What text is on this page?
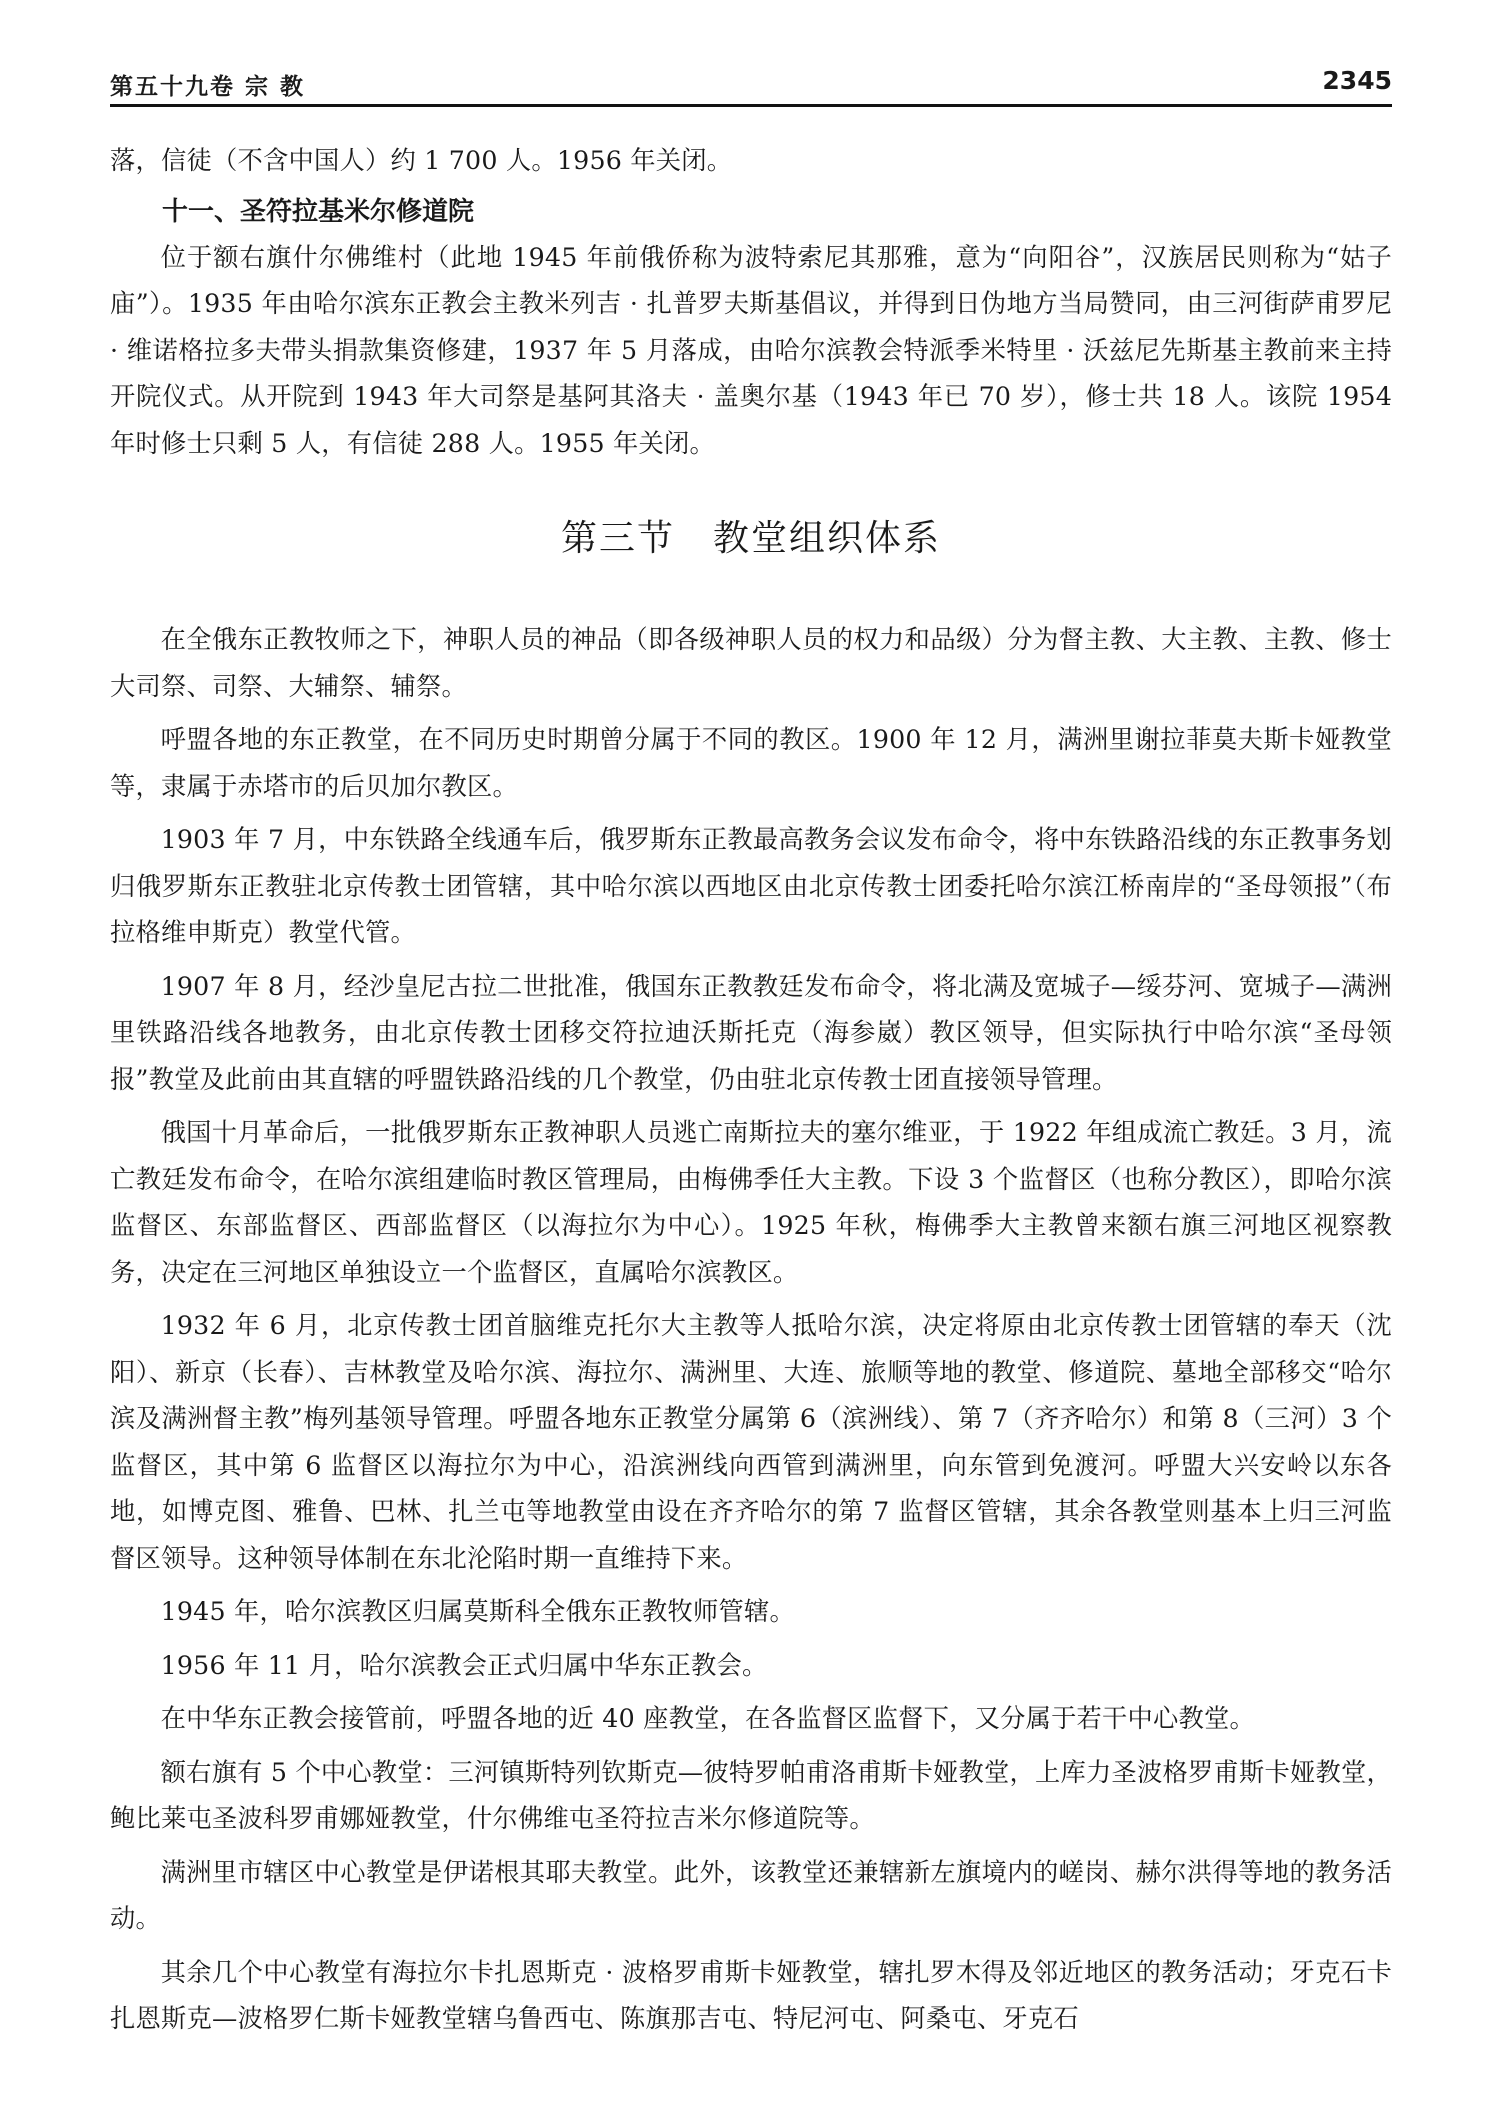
第五十九卷 宗 教	2345

落，信徒（不含中国人）约 1 700 人。1956 年关闭。

十一、圣符拉基米尔修道院

位于额右旗什尔佛维村（此地 1945 年前俄侨称为波特索尼其那雅，意为“向阳谷”，汉族居民则称为“姑子庙”）。1935 年由哈尔滨东正教会主教米列吉 · 扎普罗夫斯基倡议，并得到日伪地方当局赞同，由三河街萨甫罗尼 · 维诺格拉多夫带头捐款集资修建，1937 年 5 月落成，由哈尔滨教会特派季米特里 · 沃兹尼先斯基主教前来主持开院仪式。从开院到 1943 年大司祭是基阿其洛夫 · 盖奥尔基（1943 年已 70 岁），修士共 18 人。该院 1954 年时修士只剩 5 人，有信徒 288 人。1955 年关闭。

第三节 教堂组织体系

在全俄东正教牧师之下，神职人员的神品（即各级神职人员的权力和品级）分为督主教、大主教、主教、修士大司祭、司祭、大辅祭、辅祭。

呼盟各地的东正教堂，在不同历史时期曾分属于不同的教区。1900 年 12 月，满洲里谢拉菲莫夫斯卡娅教堂等，隶属于赤塔市的后贝加尔教区。

1903 年 7 月，中东铁路全线通车后，俄罗斯东正教最高教务会议发布命令，将中东铁路沿线的东正教事务划归俄罗斯东正教驻北京传教士团管辖，其中哈尔滨以西地区由北京传教士团委托哈尔滨江桥南岸的“圣母领报”（布拉格维申斯克）教堂代管。

1907 年 8 月，经沙皇尼古拉二世批准，俄国东正教教廷发布命令，将北满及宽城子—绥芬河、宽城子—满洲里铁路沿线各地教务，由北京传教士团移交符拉迪沃斯托克（海参崴）教区领导，但实际执行中哈尔滨“圣母领报”教堂及此前由其直辖的呼盟铁路沿线的几个教堂，仍由驻北京传教士团直接领导管理。

俄国十月革命后，一批俄罗斯东正教神职人员逃亡南斯拉夫的塞尔维亚，于 1922 年组成流亡教廷。3 月，流亡教廷发布命令，在哈尔滨组建临时教区管理局，由梅佛季任大主教。下设 3 个监督区（也称分教区），即哈尔滨监督区、东部监督区、西部监督区（以海拉尔为中心）。1925 年秋，梅佛季大主教曾来额右旗三河地区视察教务，决定在三河地区单独设立一个监督区，直属哈尔滨教区。

1932 年 6 月，北京传教士团首脑维克托尔大主教等人抵哈尔滨，决定将原由北京传教士团管辖的奉天（沈阳）、新京（长春）、吉林教堂及哈尔滨、海拉尔、满洲里、大连、旅顺等地的教堂、修道院、墓地全部移交“哈尔滨及满洲督主教”梅列基领导管理。呼盟各地东正教堂分属第 6（滨洲线）、第 7（齐齐哈尔）和第 8（三河）3 个监督区，其中第 6 监督区以海拉尔为中心，沿滨洲线向西管到满洲里，向东管到免渡河。呼盟大兴安岭以东各地，如博克图、雅鲁、巴林、扎兰屯等地教堂由设在齐齐哈尔的第 7 监督区管辖，其余各教堂则基本上归三河监督区领导。这种领导体制在东北沦陷时期一直维持下来。

1945 年，哈尔滨教区归属莫斯科全俄东正教牧师管辖。

1956 年 11 月，哈尔滨教会正式归属中华东正教会。

在中华东正教会接管前，呼盟各地的近 40 座教堂，在各监督区监督下，又分属于若干中心教堂。

额右旗有 5 个中心教堂：三河镇斯特列钦斯克—彼特罗帕甫洛甫斯卡娅教堂，上库力圣波格罗甫斯卡娅教堂，鲍比莱屯圣波科罗甫娜娅教堂，什尔佛维屯圣符拉吉米尔修道院等。

满洲里市辖区中心教堂是伊诺根其耶夫教堂。此外，该教堂还兼辖新左旗境内的嵯岗、赫尔洪得等地的教务活动。

其余几个中心教堂有海拉尔卡扎恩斯克 · 波格罗甫斯卡娅教堂，辖扎罗木得及邻近地区的教务活动；牙克石卡扎恩斯克—波格罗仁斯卡娅教堂辖乌鲁西屯、陈旗那吉屯、特尼河屯、阿桑屯、牙克石
